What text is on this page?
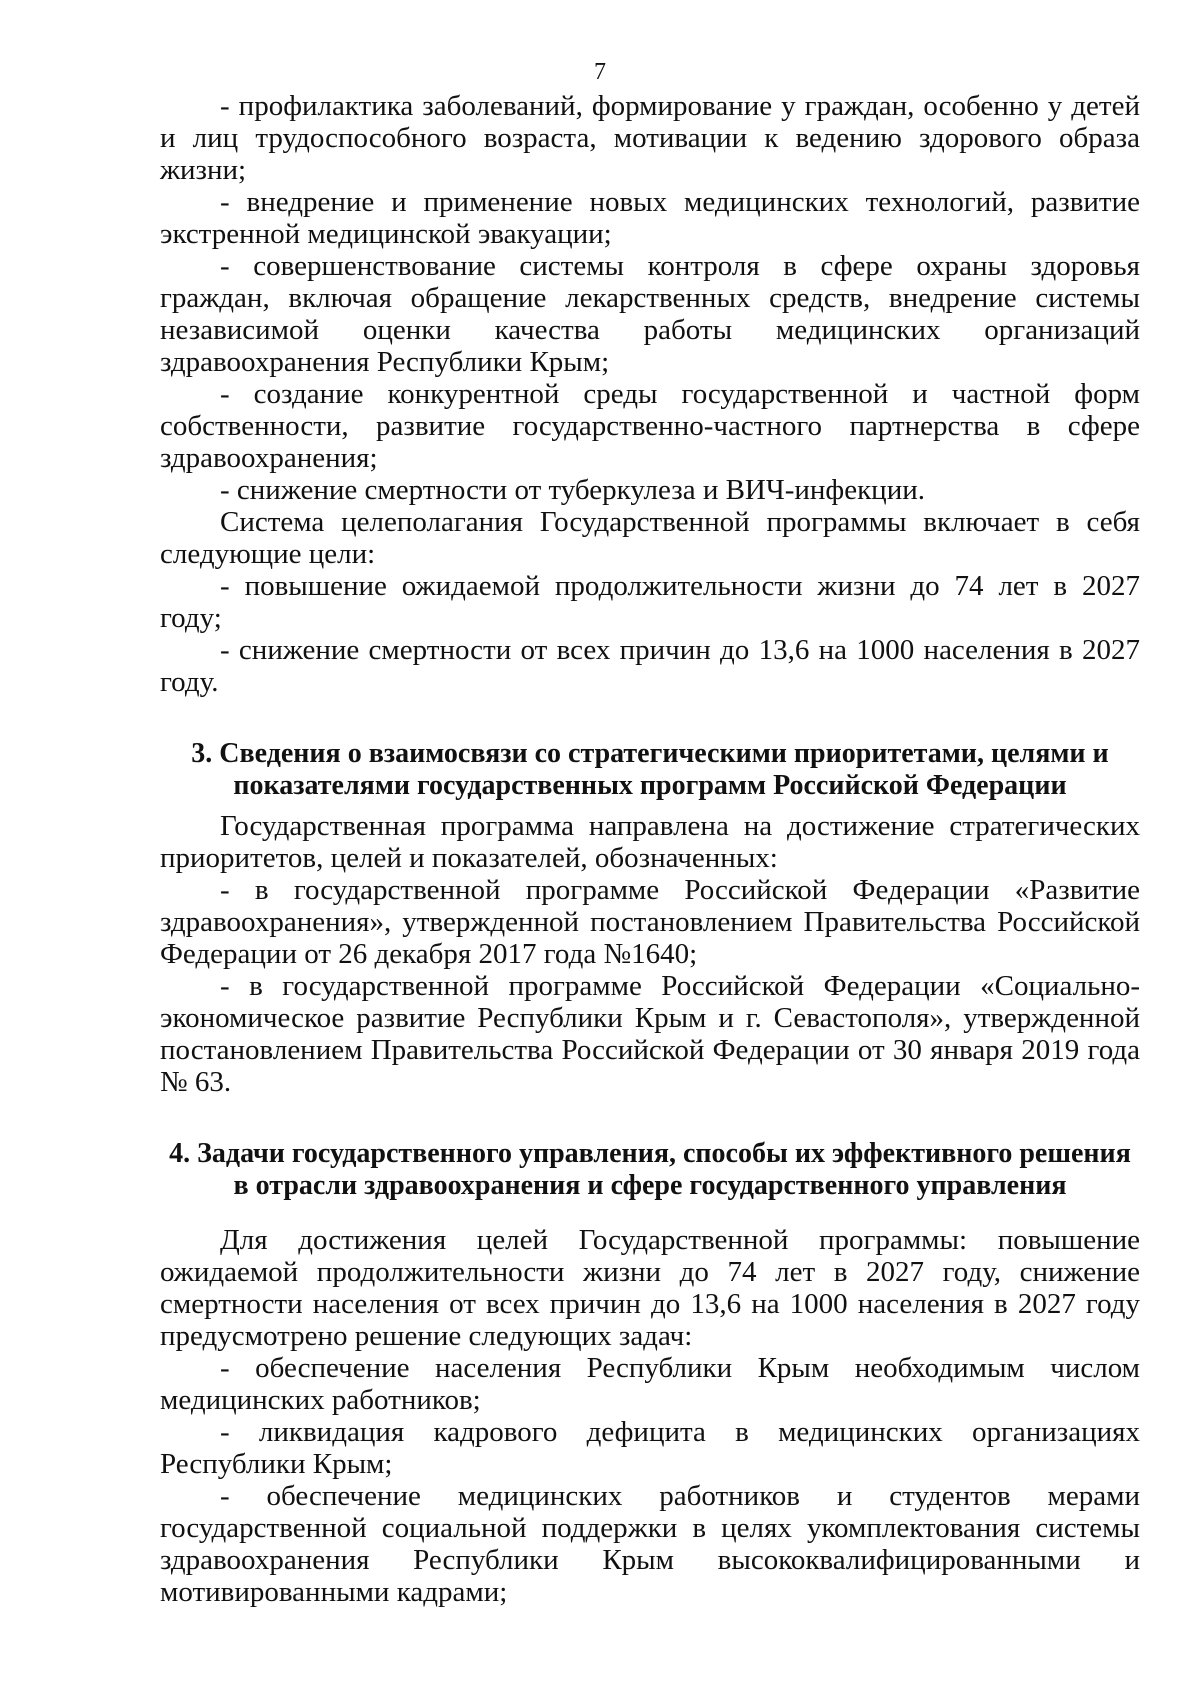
7

- профилактика заболеваний, формирование у граждан, особенно у детей и лиц трудоспособного возраста, мотивации к ведению здорового образа жизни;

- внедрение и применение новых медицинских технологий, развитие экстренной медицинской эвакуации;

- совершенствование системы контроля в сфере охраны здоровья граждан, включая обращение лекарственных средств, внедрение системы независимой оценки качества работы медицинских организаций здравоохранения Республики Крым;

- создание конкурентной среды государственной и частной форм собственности, развитие государственно-частного партнерства в сфере здравоохранения;

- снижение смертности от туберкулеза и ВИЧ-инфекции.

Система целеполагания Государственной программы включает в себя следующие цели:

- повышение ожидаемой продолжительности жизни до 74 лет в 2027 году;

- снижение смертности от всех причин до 13,6 на 1000 населения в 2027 году.

3. Сведения о взаимосвязи со стратегическими приоритетами, целями и показателями государственных программ Российской Федерации

Государственная программа направлена на достижение стратегических приоритетов, целей и показателей, обозначенных:

- в государственной программе Российской Федерации «Развитие здравоохранения», утвержденной постановлением Правительства Российской Федерации от 26 декабря 2017 года №1640;

- в государственной программе Российской Федерации «Социально-экономическое развитие Республики Крым и г. Севастополя», утвержденной постановлением Правительства Российской Федерации от 30 января 2019 года № 63.

4. Задачи государственного управления, способы их эффективного решения в отрасли здравоохранения и сфере государственного управления

Для достижения целей Государственной программы: повышение ожидаемой продолжительности жизни до 74 лет в 2027 году, снижение смертности населения от всех причин до 13,6 на 1000 населения в 2027 году предусмотрено решение следующих задач:

- обеспечение населения Республики Крым необходимым числом медицинских работников;

- ликвидация кадрового дефицита в медицинских организациях Республики Крым;

- обеспечение медицинских работников и студентов мерами государственной социальной поддержки в целях укомплектования системы здравоохранения Республики Крым высококвалифицированными и мотивированными кадрами;
